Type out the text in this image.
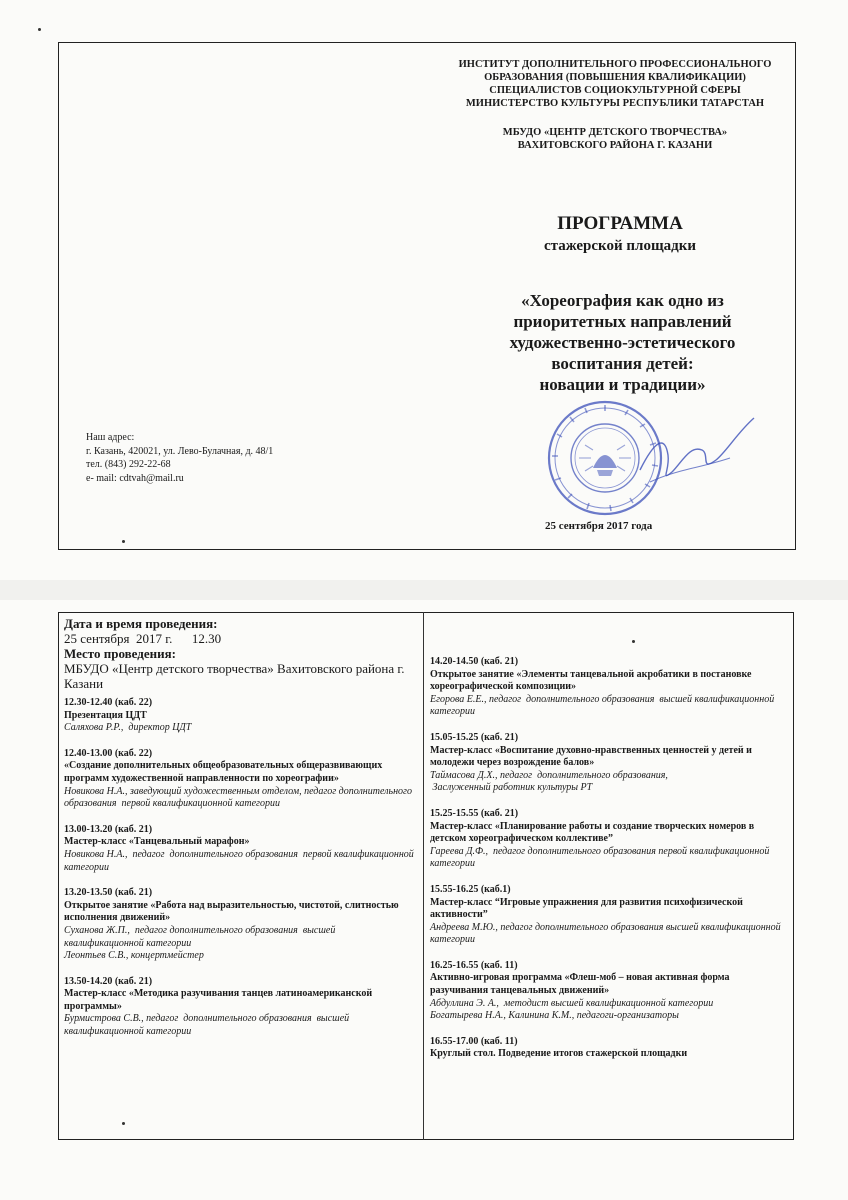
ИНСТИТУТ ДОПОЛНИТЕЛЬНОГО ПРОФЕССИОНАЛЬНОГО
ОБРАЗОВАНИЯ (ПОВЫШЕНИЯ КВАЛИФИКАЦИИ)
СПЕЦИАЛИСТОВ СОЦИОКУЛЬТУРНОЙ СФЕРЫ
МИНИСТЕРСТВО КУЛЬТУРЫ РЕСПУБЛИКИ ТАТАРСТАН
МБУДО «ЦЕНТР ДЕТСКОГО ТВОРЧЕСТВА»
ВАХИТОВСКОГО РАЙОНА Г. КАЗАНИ
ПРОГРАММА
стажерской площадки
«Хореография как одно из
приоритетных направлений
художественно-эстетического
воспитания детей:
новации и традиции»
Наш адрес:
г. Казань, 420021, ул. Лево-Булачная, д. 48/1
тел. (843) 292-22-68
e- mail: cdtvah@mail.ru
25 сентября 2017 года
Дата и время проведения:
25 сентября  2017 г.      12.30
Место проведения:
МБУДО «Центр детского творчества» Вахитовского района г. Казани
12.30-12.40 (каб. 22)
Презентация ЦДТ
Саляхова Р.Р.,  директор ЦДТ
12.40-13.00 (каб. 22)
«Создание дополнительных общеобразовательных общеразвивающих программ художественной направленности по хореографии»
Новикова Н.А., заведующий художественным отделом, педагог дополнительного образования  первой квалификационной категории
13.00-13.20 (каб. 21)
Мастер-класс «Танцевальный марафон»
Новикова Н.А.,  педагог  дополнительного образования  первой квалификационной категории
13.20-13.50 (каб. 21)
Открытое занятие «Работа над выразительностью, чистотой, слитностью исполнения движений»
Суханова Ж.П.,  педагог дополнительного образования  высшей квалификационной категории
Леонтьев С.В., концертмейстер
13.50-14.20 (каб. 21)
Мастер-класс «Методика разучивания танцев латиноамериканской программы»
Бурмистрова С.В., педагог  дополнительного образования  высшей квалификационной категории
14.20-14.50 (каб. 21)
Открытое занятие «Элементы танцевальной акробатики в постановке хореографической композиции»
Егорова Е.Е., педагог  дополнительного образования  высшей квалификационной категории
15.05-15.25 (каб. 21)
Мастер-класс «Воспитание духовно-нравственных ценностей у детей и молодежи через возрождение балов»
Таймасова Д.Х., педагог  дополнительного образования,
Заслуженный работник культуры РТ
15.25-15.55 (каб. 21)
Мастер-класс «Планирование работы и создание творческих номеров в детском хореографическом коллективе”
Гареева Д.Ф.,  педагог дополнительного образования первой квалификационной категории
15.55-16.25 (каб.1)
Мастер-класс “Игровые упражнения для развития психофизической активности”
Андреева М.Ю., педагог дополнительного образования высшей квалификационной категории
16.25-16.55 (каб. 11)
Активно-игровая программа «Флеш-моб – новая активная форма разучивания танцевальных движений»
Абдуллина Э. А.,  методист высшей квалификационной категории
Богатырева Н.А., Калинина К.М., педагоги-организаторы
16.55-17.00 (каб. 11)
Круглый стол. Подведение итогов стажерской площадки
